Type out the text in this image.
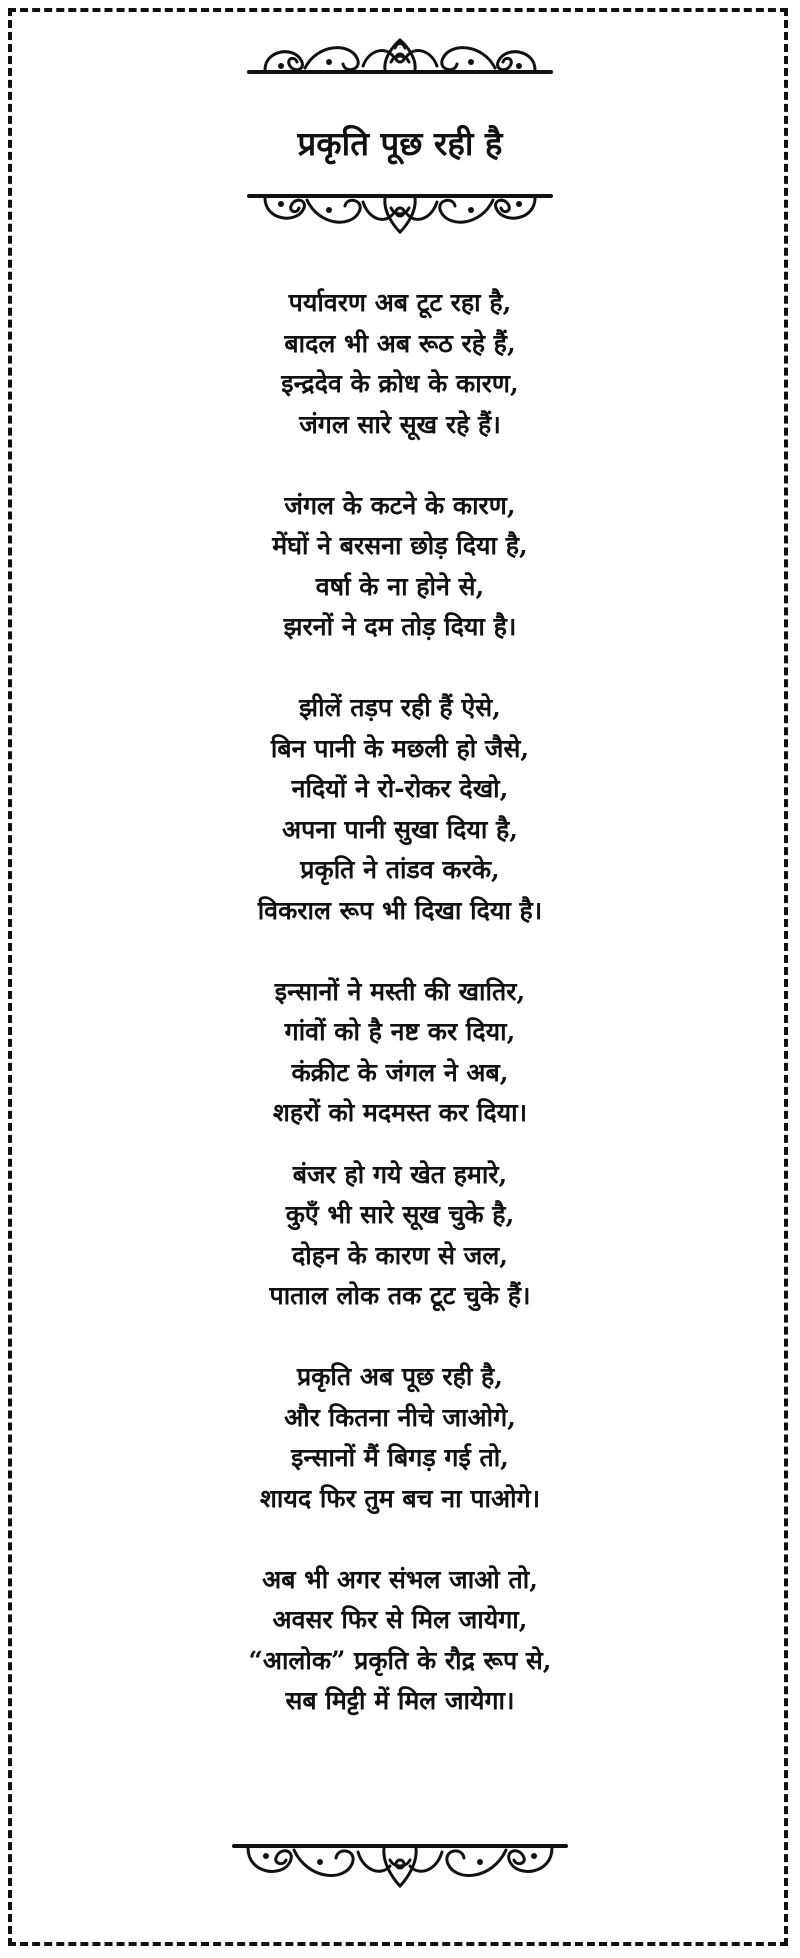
प्रकृति पूछ रही है
पर्यावरण अब टूट रहा है,
बादल भी अब रूठ रहे हैं,
इन्द्रदेव के क्रोध के कारण,
जंगल सारे सूख रहे हैं।
जंगल के कटने के कारण,
मेंघों ने बरसना छोड़ दिया है,
वर्षा के ना होने से,
झरनों ने दम तोड़ दिया है।
झीलें तड़प रही हैं ऐसे,
बिन पानी के मछली हो जैसे,
नदियों ने रो-रोकर देखो,
अपना पानी सुखा दिया है,
प्रकृति ने तांडव करके,
विकराल रूप भी दिखा दिया है।
इन्सानों ने मस्ती की खातिर,
गांवों को है नष्ट कर दिया,
कंक्रीट के जंगल ने अब,
शहरों को मदमस्त कर दिया।
बंजर हो गये खेत हमारे,
कुएँ भी सारे सूख चुके है,
दोहन के कारण से जल,
पाताल लोक तक टूट चुके हैं।
प्रकृति अब पूछ रही है,
और कितना नीचे जाओगे,
इन्सानों मैं बिगड़ गई तो,
शायद फिर तुम बच ना पाओगे।
अब भी अगर संभल जाओ तो,
अवसर फिर से मिल जायेगा,
“आलोक” प्रकृति के रौद्र रूप से,
सब मिट्टी में मिल जायेगा।
